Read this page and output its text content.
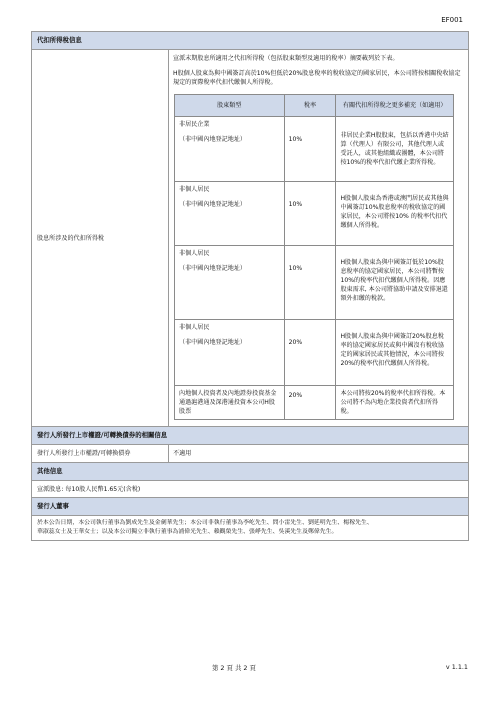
EF001
代扣所得稅信息
股息所涉及的代扣所得稅
宣派末期股息所適用之代扣所得稅（包括股東類型及適用的稅率）摘要載列於下表。
H股個人股東為與中國簽訂高於10%但低於20%股息稅率的稅收協定的國家居民，本公司將按相關稅收協定規定的實際稅率代扣代繳個人所得稅。
股東類型	稅率	有關代扣所得稅之更多補充（如適用）

非居民企業
（非中國內地登記地址）	10%	非居民企業H股股東，包括以香港中央結算（代理人）有限公司，其他代理人或受託人，或其他組織或團體，本公司將按10%的稅率代扣代繳企業所得稅。

非個人居民
（非中國內地登記地址）	10%	H股個人股東為香港或澳門居民或其他與中國簽訂10%股息稅率的稅收協定的國家居民，本公司將按10% 的稅率代扣代繳個人所得稅。

非個人居民
（非中國內地登記地址）	10%	H股個人股東為與中國簽訂低於10%股息稅率的協定國家居民，本公司將暫按10%的稅率代扣代繳個人所得稅。因應股東需求, 本公司將協助申請及安排退還額外扣繳的稅款。

非個人居民
（非中國內地登記地址）	20%	H股個人股東為與中國簽訂20%股息稅率的協定國家居民或與中國沒有稅收協定的國家居民或其他情況，本公司將按20%的稅率代扣代繳個人所得稅。
內地個人投資者及內地證券投資基金通過滬港通及深港通投資本公司H股股票	20%	本公司將按20%的稅率代扣所得稅。本公司將不為內地企業投資者代扣所得稅。
發行人所發行上市權證/可轉換債券的相關信息
發行人所發行上市權證/可轉換債券	不適用
其他信息
宣派股息: 每10股人民幣1.65元(含稅)
發行人董事
於本公告日期，本公司執行董事為劉成先生及金劍華先生；本公司非執行董事為李屹先生、問小雷先生、劉延明先生、楊稼先生、
華淑蕊女士及王華女士；以及本公司獨立非執行董事為浦偉光先生、賴觀榮先生、張崢先生、吳溪先生及鄭偉先生。
第 2 頁 共 2 頁	v 1.1.1
